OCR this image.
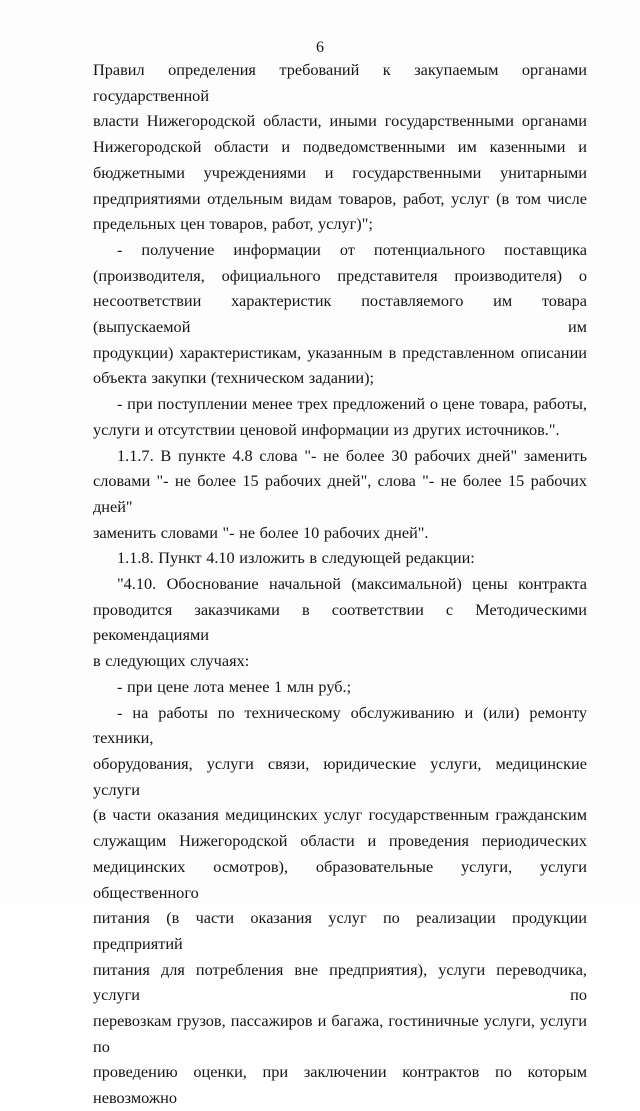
6
Правил определения требований к закупаемым органами государственной
власти Нижегородской области, иными государственными органами
Нижегородской области и подведомственными им казенными и
бюджетными учреждениями и государственными унитарными
предприятиями отдельным видам товаров, работ, услуг (в том числе
предельных цен товаров, работ, услуг)";
- получение информации от потенциального поставщика
(производителя, официального представителя производителя) о
несоответствии характеристик поставляемого им товара (выпускаемой им
продукции) характеристикам, указанным в представленном описании
объекта закупки (техническом задании);
- при поступлении менее трех предложений о цене товара, работы,
услуги и отсутствии ценовой информации из других источников.".
1.1.7. В пункте 4.8 слова "- не более 30 рабочих дней" заменить
словами "- не более 15 рабочих дней", слова "- не более 15 рабочих дней"
заменить словами "- не более 10 рабочих дней".
1.1.8. Пункт 4.10 изложить в следующей редакции:
"4.10. Обоснование начальной (максимальной) цены контракта
проводится заказчиками в соответствии с Методическими рекомендациями
в следующих случаях:
- при цене лота менее 1 млн руб.;
- на работы по техническому обслуживанию и (или) ремонту техники,
оборудования, услуги связи, юридические услуги, медицинские услуги
(в части оказания медицинских услуг государственным гражданским
служащим Нижегородской области и проведения периодических
медицинских осмотров), образовательные услуги, услуги общественного
питания (в части оказания услуг по реализации продукции предприятий
питания для потребления вне предприятия), услуги переводчика, услуги по
перевозкам грузов, пассажиров и багажа, гостиничные услуги, услуги по
проведению оценки, при заключении контрактов по которым невозможно
